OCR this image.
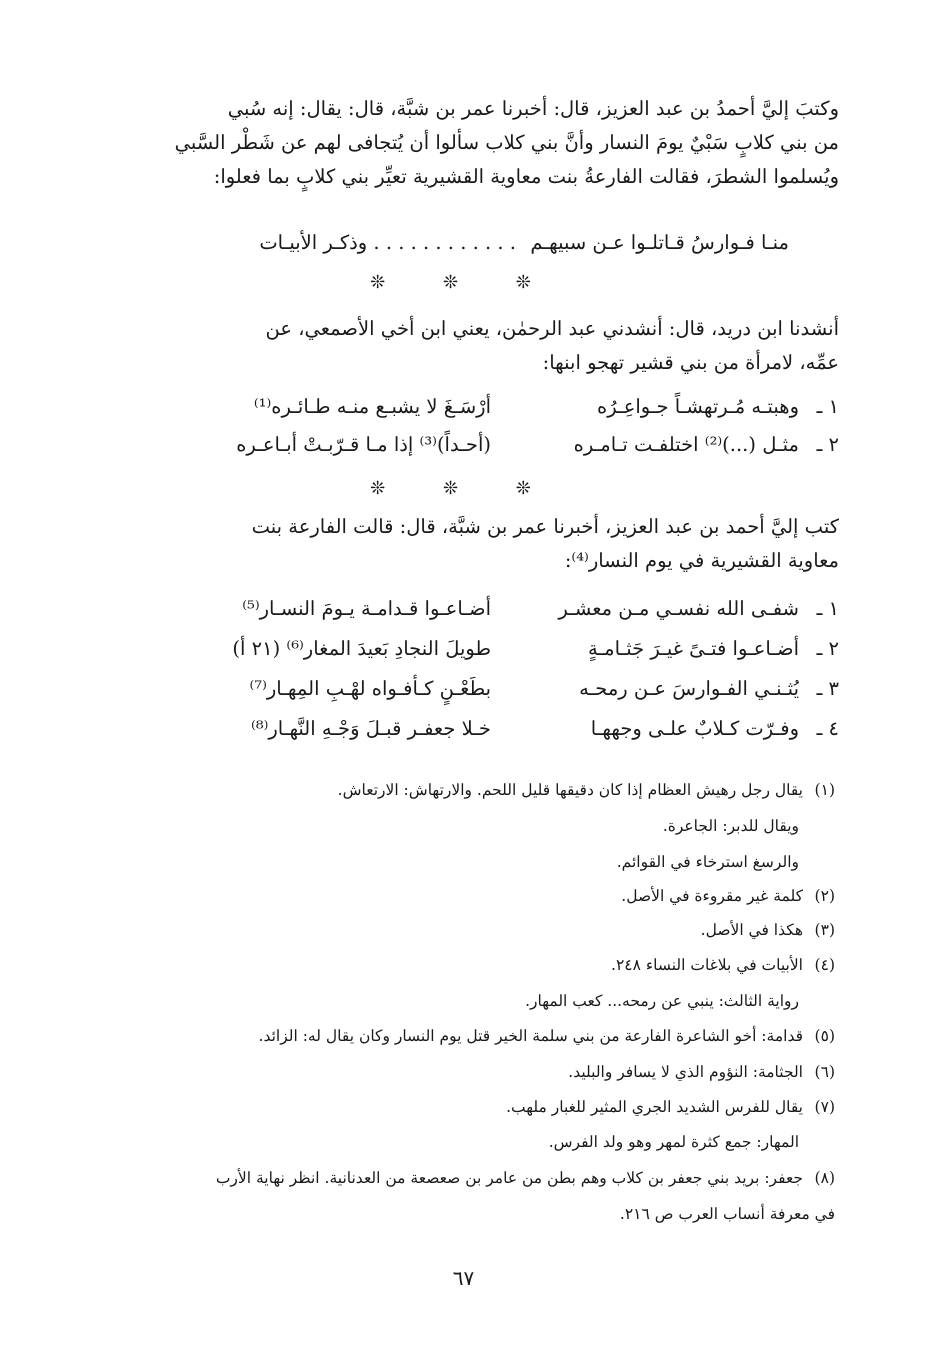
وكتبَ إليَّ أحمدُ بن عبد العزيز، قال: أخبرنا عمر بن شبَّة، قال: يقال: إنه سُبي
من بني كلابٍ سَبْيٌ يومَ النسار وأنَّ بني كلاب سألوا أن يُتجافى لهم عن شَطْر السَّبي
ويُسلموا الشطرَ، فقالت الفارعةُ بنت معاوية القشيرية تعيِّر بني كلابٍ بما فعلوا:
منـا فـوارسُ قـاتلـوا عـن سبيهـم
. . . . . . . . . . . . وذكـر الأبيـات
❊ ❊ ❊
أنشدنا ابن دريد، قال: أنشدني عبد الرحمٰن، يعني ابن أخي الأصمعي، عن
عمِّه، لامرأة من بني قشير تهجو ابنها:
١ ـ
وهبتـه مُـرتهشـاً جـواعِـرُه
أرْسَـغَ لا يشبـع منـه طـائـره⁽¹⁾
٢ ـ
مثـل (...)⁽²⁾ اختلفـت تـامـره
(أحـداً)⁽³⁾ إذا مـا قـرّبـتْ أبـاعـره
❊ ❊ ❊
كتب إليَّ أحمد بن عبد العزيز، أخبرنا عمر بن شبَّة، قال: قالت الفارعة بنت
معاوية القشيرية في يوم النسار⁽⁴⁾:
١ ـ
شفـى الله نفسـي مـن معشـر
أضـاعـوا قـدامـة يـومَ النسـار⁽⁵⁾
٢ ـ
أضـاعـوا فتـىً غيـرَ جَثـامـةٍ
طويلَ النجادِ بَعيدَ المغار⁽⁶⁾ (٢١ أ)
٣ ـ
يُثـنـي الفـوارسَ عـن رمحـه
بطَعْـنٍ كـأفـواه لهْـبِ المِهـار⁽⁷⁾
٤ ـ
وفـرّت كـلابٌ علـى وجههـا
خـلا جعفـر قبـلَ وَجْـهِ النَّهـار⁽⁸⁾
(١)يقال رجل رهيش العظام إذا كان دقيقها قليل اللحم. والارتهاش: الارتعاش.
ويقال للدبر: الجاعرة.
والرسغ استرخاء في القوائم.
(٢)كلمة غير مقروءة في الأصل.
(٣)هكذا في الأصل.
(٤)الأبيات في بلاغات النساء ٢٤٨.
رواية الثالث: ينبي عن رمحه... كعب المهار.
(٥)قدامة: أخو الشاعرة الفارعة من بني سلمة الخير قتل يوم النسار وكان يقال له: الزائد.
(٦)الجثامة: النؤوم الذي لا يسافر والبليد.
(٧)يقال للفرس الشديد الجري المثير للغبار ملهب.
المهار: جمع كثرة لمهر وهو ولد الفرس.
(٨)جعفر: بريد بني جعفر بن كلاب وهم بطن من عامر بن صعصعة من العدنانية. انظر نهاية الأرب
في معرفة أنساب العرب ص ٢١٦.
٦٧
